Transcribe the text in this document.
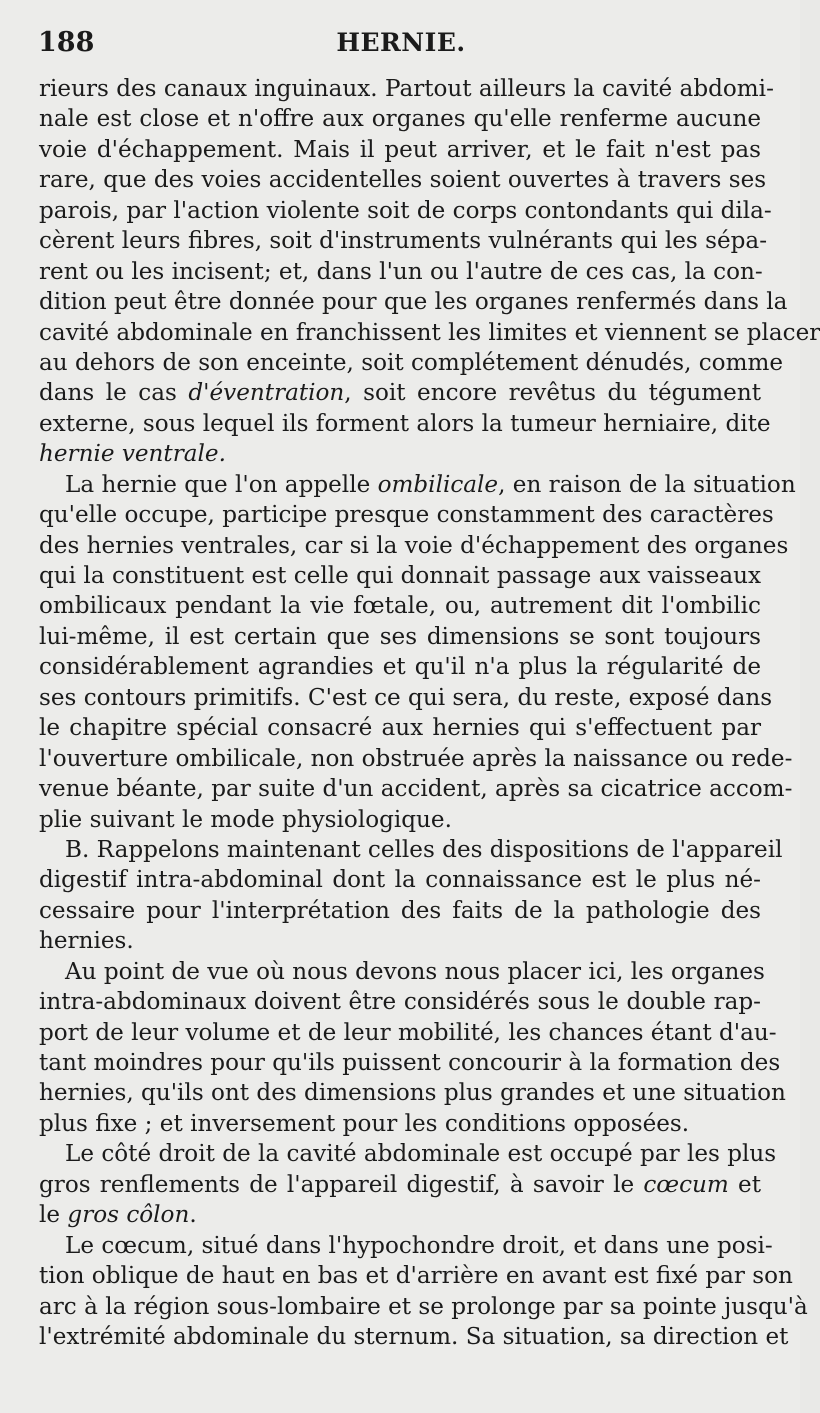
188	HERNIE.
rieurs des canaux inguinaux. Partout ailleurs la cavité abdomi-
nale est close et n'offre aux organes qu'elle renferme aucune
voie d'échappement. Mais il peut arriver, et le fait n'est pas
rare, que des voies accidentelles soient ouvertes à travers ses
parois, par l'action violente soit de corps contondants qui dila-
cèrent leurs fibres, soit d'instruments vulnérants qui les sépa-
rent ou les incisent; et, dans l'un ou l'autre de ces cas, la con-
dition peut être donnée pour que les organes renfermés dans la
cavité abdominale en franchissent les limites et viennent se placer
au dehors de son enceinte, soit complétement dénudés, comme
dans le cas d'éventration, soit encore revêtus du tégument
externe, sous lequel ils forment alors la tumeur herniaire, dite
hernie ventrale.
La hernie que l'on appelle ombilicale, en raison de la situation
qu'elle occupe, participe presque constamment des caractères
des hernies ventrales, car si la voie d'échappement des organes
qui la constituent est celle qui donnait passage aux vaisseaux
ombilicaux pendant la vie fœtale, ou, autrement dit l'ombilic
lui-même, il est certain que ses dimensions se sont toujours
considérablement agrandies et qu'il n'a plus la régularité de
ses contours primitifs. C'est ce qui sera, du reste, exposé dans
le chapitre spécial consacré aux hernies qui s'effectuent par
l'ouverture ombilicale, non obstruée après la naissance ou rede-
venue béante, par suite d'un accident, après sa cicatrice accom-
plie suivant le mode physiologique.
B. Rappelons maintenant celles des dispositions de l'appareil
digestif intra-abdominal dont la connaissance est le plus né-
cessaire pour l'interprétation des faits de la pathologie des
hernies.
Au point de vue où nous devons nous placer ici, les organes
intra-abdominaux doivent être considérés sous le double rap-
port de leur volume et de leur mobilité, les chances étant d'au-
tant moindres pour qu'ils puissent concourir à la formation des
hernies, qu'ils ont des dimensions plus grandes et une situation
plus fixe ; et inversement pour les conditions opposées.
Le côté droit de la cavité abdominale est occupé par les plus
gros renflements de l'appareil digestif, à savoir le cœcum et
le gros côlon.
Le cœcum, situé dans l'hypochondre droit, et dans une posi-
tion oblique de haut en bas et d'arrière en avant est fixé par son
arc à la région sous-lombaire et se prolonge par sa pointe jusqu'à
l'extrémité abdominale du sternum. Sa situation, sa direction et
